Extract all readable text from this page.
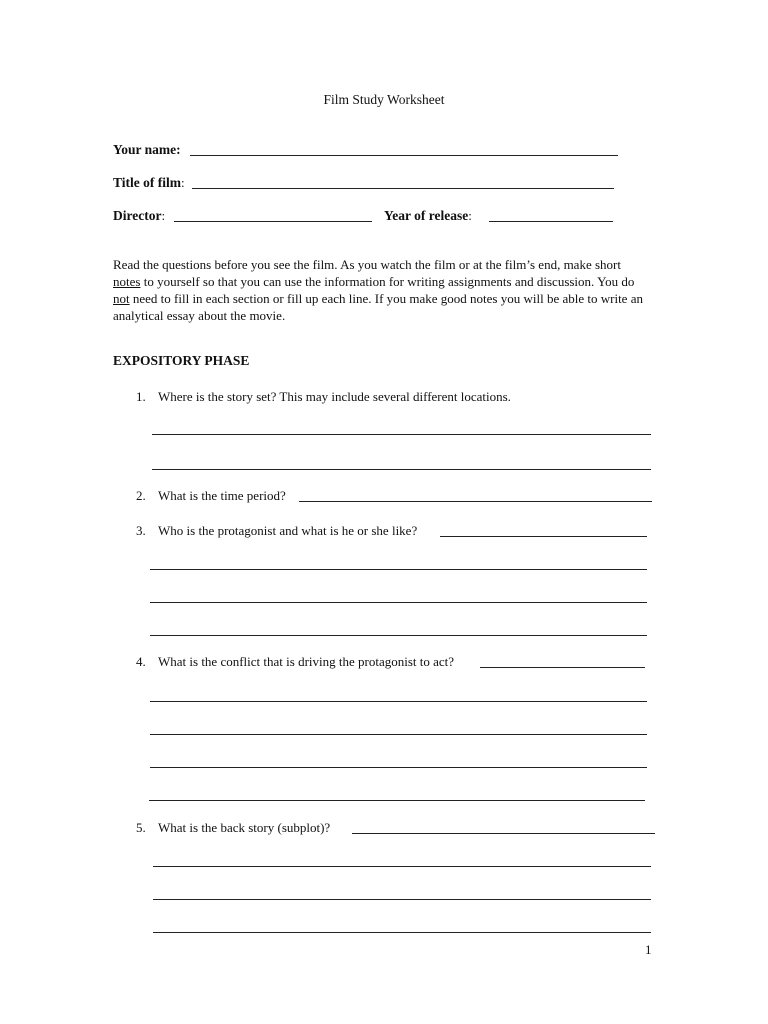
Film Study Worksheet
Your name:
Title of film:
Director:	Year of release:
Read the questions before you see the film. As you watch the film or at the film’s end, make short notes to yourself so that you can use the information for writing assignments and discussion. You do not need to fill in each section or fill up each line. If you make good notes you will be able to write an analytical essay about the movie.
EXPOSITORY PHASE
1. Where is the story set? This may include several different locations.
2. What is the time period?
3. Who is the protagonist and what is he or she like?
4. What is the conflict that is driving the protagonist to act?
5. What is the back story (subplot)?
1
